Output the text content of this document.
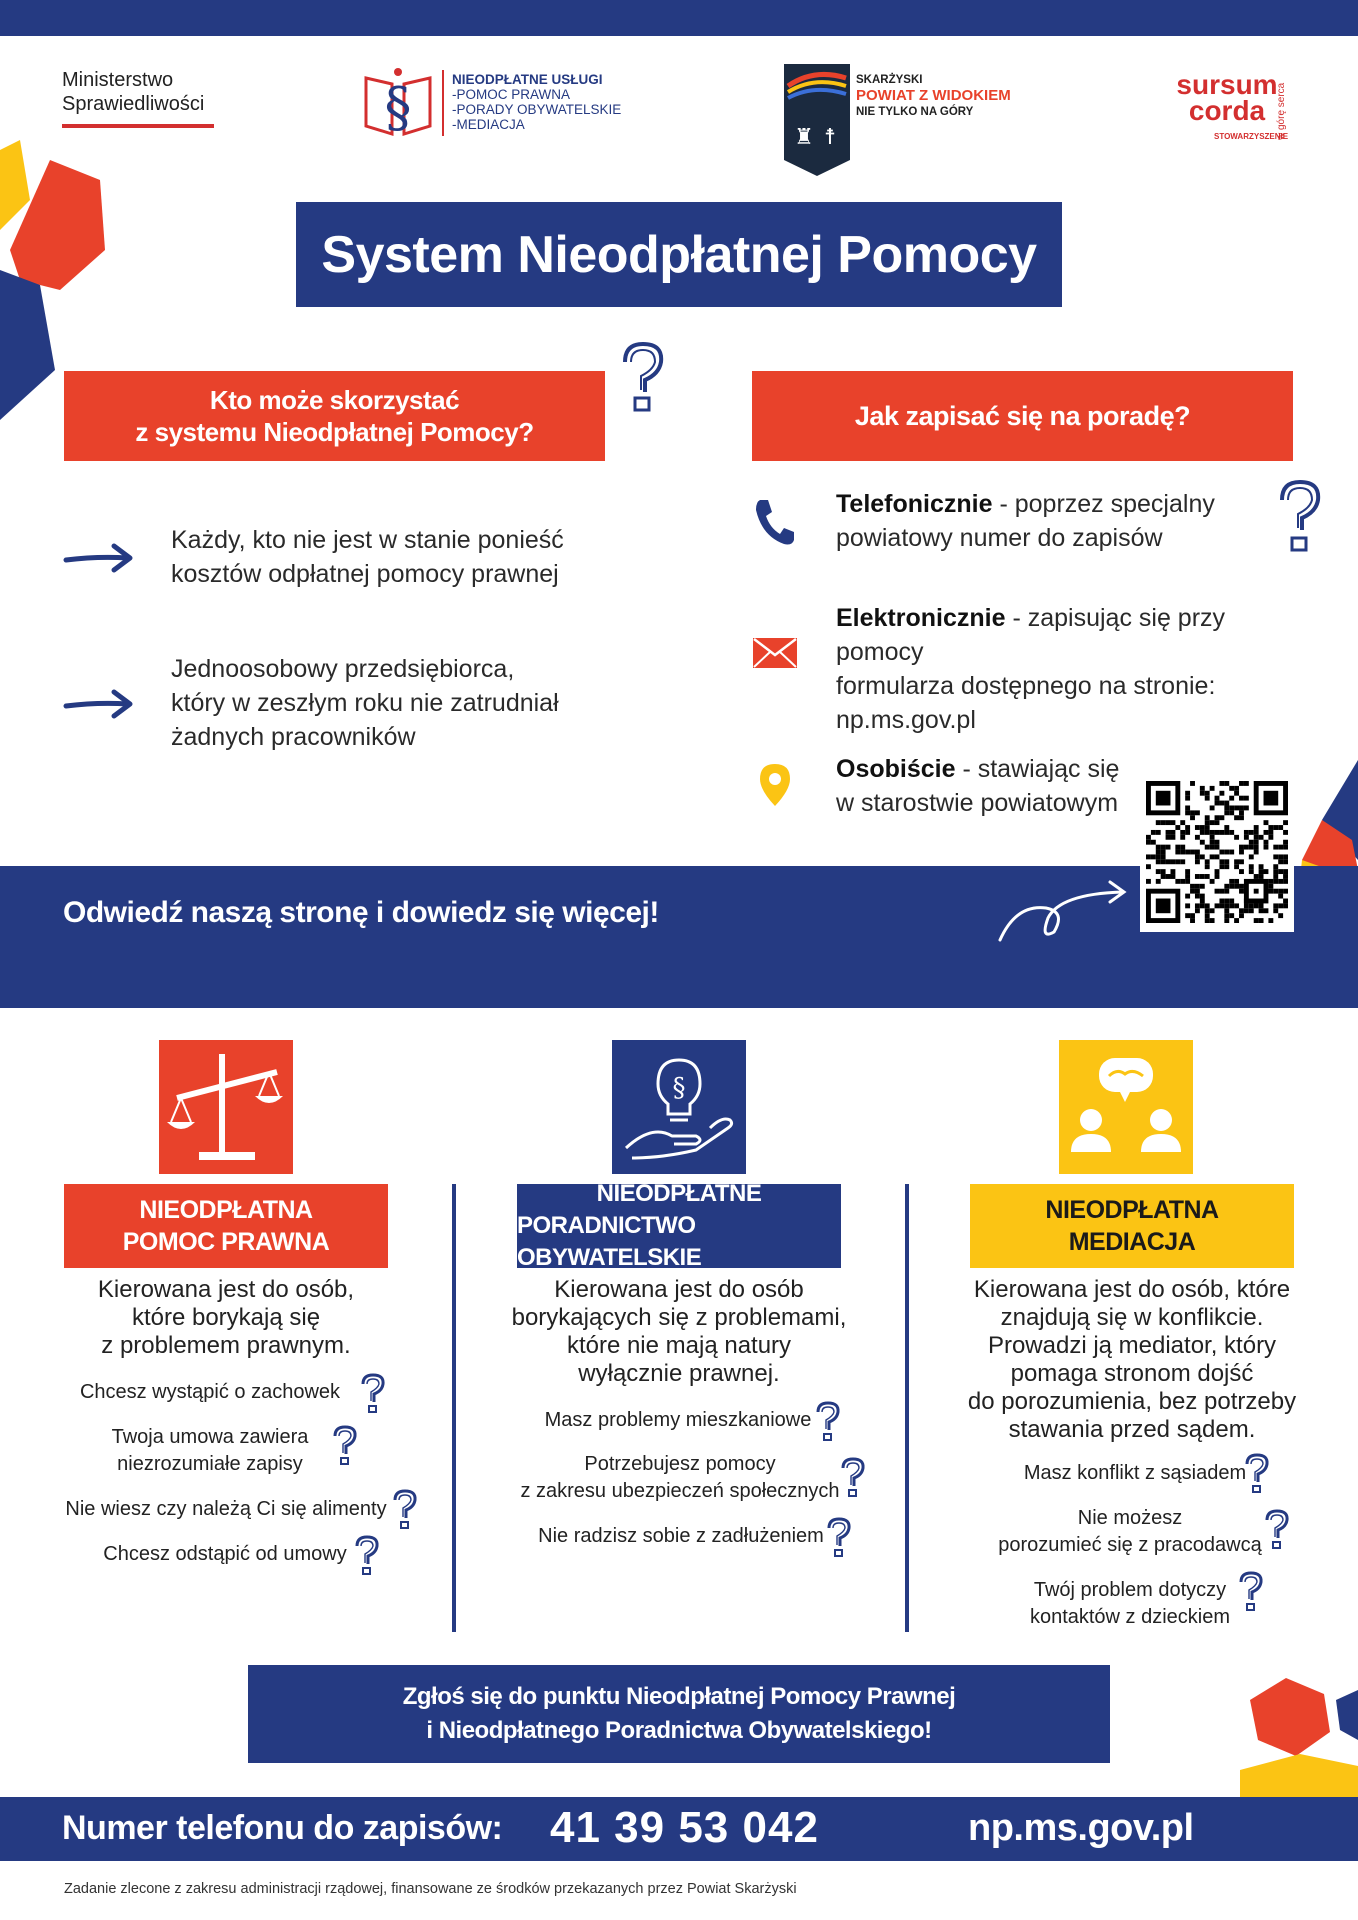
Ministerstwo
Sprawiedliwości	§	NIEODPŁATNE USŁUGI
-POMOC PRAWNA
-PORADY OBYWATELSKIE
-MEDIACJA	♜ ☨
SKARŻYSKI
POWIAT Z WIDOKIEM
NIE TYLKO NA GÓRY
sursum
corda	w górę serca
STOWARZYSZENIE
System Nieodpłatnej Pomocy
Kto może skorzystać
z systemu Nieodpłatnej Pomocy?
Jak zapisać się na poradę?
Każdy, kto nie jest w stanie ponieść
kosztów odpłatnej pomocy prawnej
Jednoosobowy przedsiębiorca,
który w zeszłym roku nie zatrudniał
żadnych pracowników
Telefonicznie - poprzez specjalny
powiatowy numer do zapisów
Elektronicznie - zapisując się przy pomocy
formularza dostępnego na stronie:
np.ms.gov.pl
Osobiście - stawiając się
w starostwie powiatowym
Odwiedź naszą stronę i dowiedz się więcej!
§
NIEODPŁATNA
POMOC PRAWNA
NIEODPŁATNE
PORADNICTWO OBYWATELSKIE
NIEODPŁATNA
MEDIACJA
Kierowana jest do osób,
które borykają się
z problemem prawnym.
Chcesz wystąpić o zachowek
Twoja umowa zawiera
niezrozumiałe zapisy
Nie wiesz czy należą Ci się alimenty
Chcesz odstąpić od umowy
Kierowana jest do osób
borykających się z problemami,
które nie mają natury
wyłącznie prawnej.
Masz problemy mieszkaniowe
Potrzebujesz pomocy
z zakresu ubezpieczeń społecznych
Nie radzisz sobie z zadłużeniem
Kierowana jest do osób, które
znajdują się w konflikcie.
Prowadzi ją mediator, który
pomaga stronom dojść
do porozumienia, bez potrzeby
stawania przed sądem.
Masz konflikt z sąsiadem
Nie możesz
porozumieć się z pracodawcą
Twój problem dotyczy
kontaktów z dzieckiem
Zgłoś się do punktu Nieodpłatnej Pomocy Prawnej
i Nieodpłatnego Poradnictwa Obywatelskiego!
Numer telefonu do zapisów: 41 39 53 042	np.ms.gov.pl
Zadanie zlecone z zakresu administracji rządowej, finansowane ze środków przekazanych przez Powiat Skarżyski
